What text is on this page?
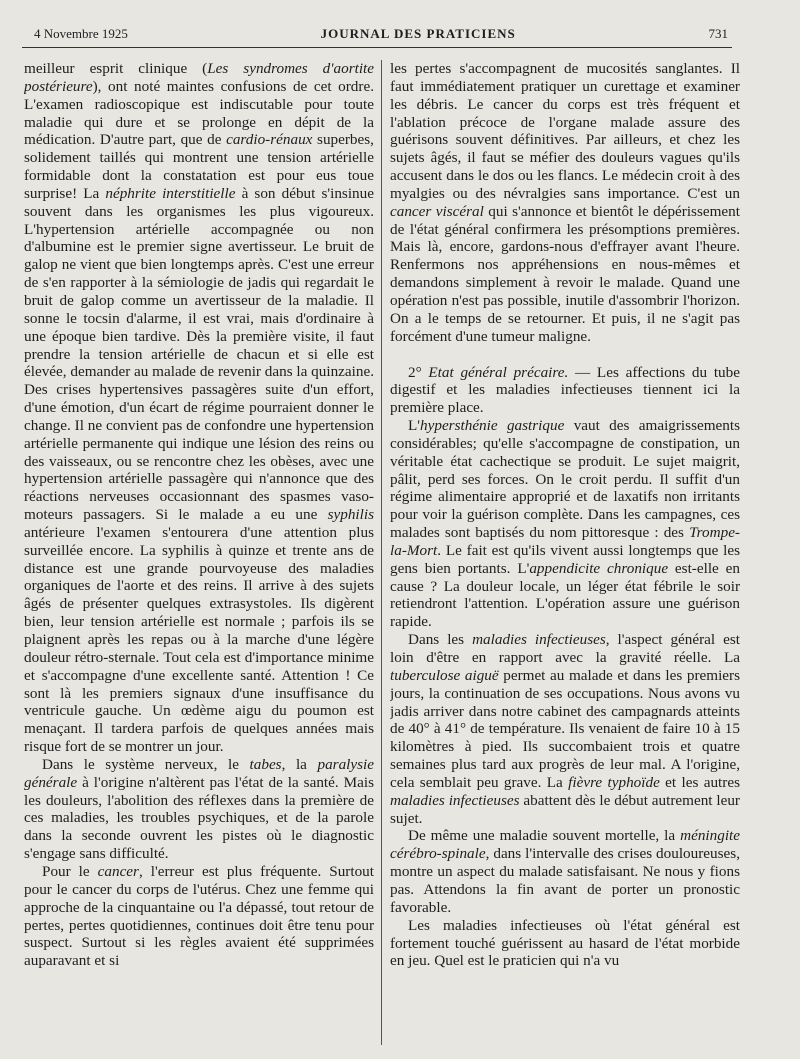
4 Novembre 1925	JOURNAL DES PRATICIENS	731

meilleur esprit clinique (Les syndromes d'aortite postérieure), ont noté maintes confusions de cet ordre. L'examen radioscopique est indiscutable pour toute maladie qui dure et se prolonge en dépit de la médication. D'autre part, que de cardio-rénaux superbes, solidement taillés qui montrent une tension artérielle formidable dont la constatation est pour eus toue surprise! La néphrite interstitielle à son début s'insinue souvent dans les organismes les plus vigoureux. L'hypertension artérielle accompagnée ou non d'albumine est le premier signe avertisseur. Le bruit de galop ne vient que bien longtemps après. C'est une erreur de s'en rapporter à la sémiologie de jadis qui regardait le bruit de galop comme un avertisseur de la maladie. Il sonne le tocsin d'alarme, il est vrai, mais d'ordinaire à une époque bien tardive. Dès la première visite, il faut prendre la tension artérielle de chacun et si elle est élevée, demander au malade de revenir dans la quinzaine. Des crises hypertensives passagères suite d'un effort, d'une émotion, d'un écart de régime pourraient donner le change. Il ne convient pas de confondre une hypertension artérielle permanente qui indique une lésion des reins ou des vaisseaux, ou se rencontre chez les obèses, avec une hypertension artérielle passagère qui n'annonce que des réactions nerveuses occasionnant des spasmes vaso-moteurs passagers. Si le malade a eu une syphilis antérieure l'examen s'entourera d'une attention plus surveillée encore. La syphilis à quinze et trente ans de distance est une grande pourvoyeuse des maladies organiques de l'aorte et des reins. Il arrive à des sujets âgés de présenter quelques extrasystoles. Ils digèrent bien, leur tension artérielle est normale ; parfois ils se plaignent après les repas ou à la marche d'une légère douleur rétro-sternale. Tout cela est d'importance minime et s'accompagne d'une excellente santé. Attention ! Ce sont là les premiers signaux d'une insuffisance du ventricule gauche. Un œdème aigu du poumon est menaçant. Il tardera parfois de quelques années mais risque fort de se montrer un jour.

Dans le système nerveux, le tabes, la paralysie générale à l'origine n'altèrent pas l'état de la santé. Mais les douleurs, l'abolition des réflexes dans la première de ces maladies, les troubles psychiques, et de la parole dans la seconde ouvrent les pistes où le diagnostic s'engage sans difficulté.

Pour le cancer, l'erreur est plus fréquente. Surtout pour le cancer du corps de l'utérus. Chez une femme qui approche de la cinquantaine ou l'a dépassé, tout retour de pertes, pertes quotidiennes, continues doit être tenu pour suspect. Surtout si les règles avaient été supprimées auparavant et si

les pertes s'accompagnent de mucosités sanglantes. Il faut immédiatement pratiquer un curettage et examiner les débris. Le cancer du corps est très fréquent et l'ablation précoce de l'organe malade assure des guérisons souvent définitives. Par ailleurs, et chez les sujets âgés, il faut se méfier des douleurs vagues qu'ils accusent dans le dos ou les flancs. Le médecin croit à des myalgies ou des névralgies sans importance. C'est un cancer viscéral qui s'annonce et bientôt le dépérissement de l'état général confirmera les présomptions premières. Mais là, encore, gardons-nous d'effrayer avant l'heure. Renfermons nos appréhensions en nous-mêmes et demandons simplement à revoir le malade. Quand une opération n'est pas possible, inutile d'assombrir l'horizon. On a le temps de se retourner. Et puis, il ne s'agit pas forcément d'une tumeur maligne.

2° Etat général précaire. — Les affections du tube digestif et les maladies infectieuses tiennent ici la première place.

L'hypersthénie gastrique vaut des amaigrissements considérables; qu'elle s'accompagne de constipation, un véritable état cachectique se produit. Le sujet maigrit, pâlit, perd ses forces. On le croit perdu. Il suffit d'un régime alimentaire approprié et de laxatifs non irritants pour voir la guérison complète. Dans les campagnes, ces malades sont baptisés du nom pittoresque : des Trompe-la-Mort. Le fait est qu'ils vivent aussi longtemps que les gens bien portants. L'appendicite chronique est-elle en cause ? La douleur locale, un léger état fébrile le soir retiendront l'attention. L'opération assure une guérison rapide.

Dans les maladies infectieuses, l'aspect général est loin d'être en rapport avec la gravité réelle. La tuberculose aiguë permet au malade et dans les premiers jours, la continuation de ses occupations. Nous avons vu jadis arriver dans notre cabinet des campagnards atteints de 40° à 41° de température. Ils venaient de faire 10 à 15 kilomètres à pied. Ils succombaient trois et quatre semaines plus tard aux progrès de leur mal. A l'origine, cela semblait peu grave. La fièvre typhoïde et les autres maladies infectieuses abattent dès le début autrement leur sujet.

De même une maladie souvent mortelle, la méningite cérébro-spinale, dans l'intervalle des crises douloureuses, montre un aspect du malade satisfaisant. Ne nous y fions pas. Attendons la fin avant de porter un pronostic favorable.

Les maladies infectieuses où l'état général est fortement touché guérissent au hasard de l'état morbide en jeu. Quel est le praticien qui n'a vu
